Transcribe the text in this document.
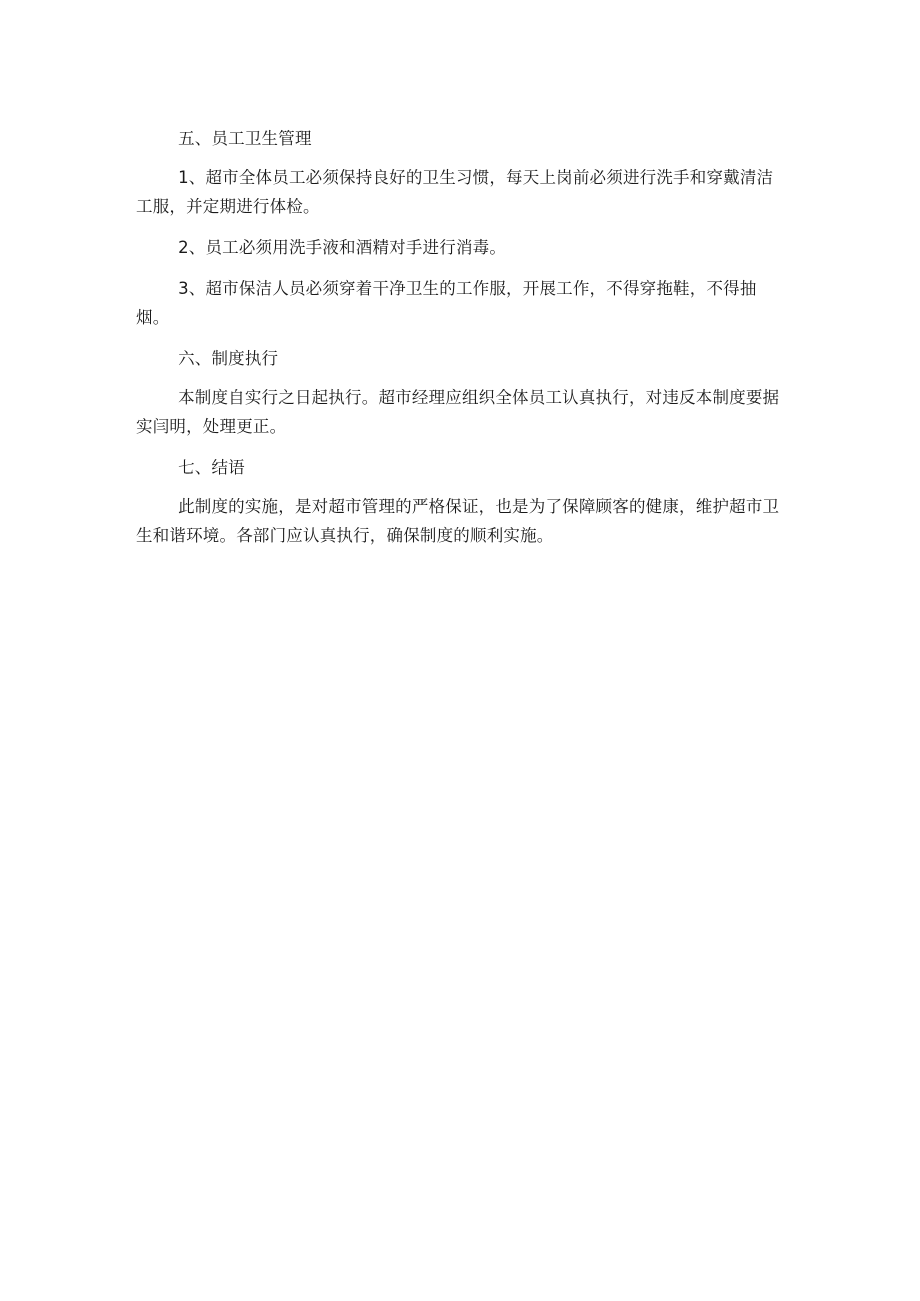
五、员工卫生管理

1、超市全体员工必须保持良好的卫生习惯，每天上岗前必须进行洗手和穿戴清洁工服，并定期进行体检。

2、员工必须用洗手液和酒精对手进行消毒。

3、超市保洁人员必须穿着干净卫生的工作服，开展工作，不得穿拖鞋，不得抽烟。

六、制度执行

本制度自实行之日起执行。超市经理应组织全体员工认真执行，对违反本制度要据实闫明，处理更正。

七、结语

此制度的实施，是对超市管理的严格保证，也是为了保障顾客的健康，维护超市卫生和谐环境。各部门应认真执行，确保制度的顺利实施。
